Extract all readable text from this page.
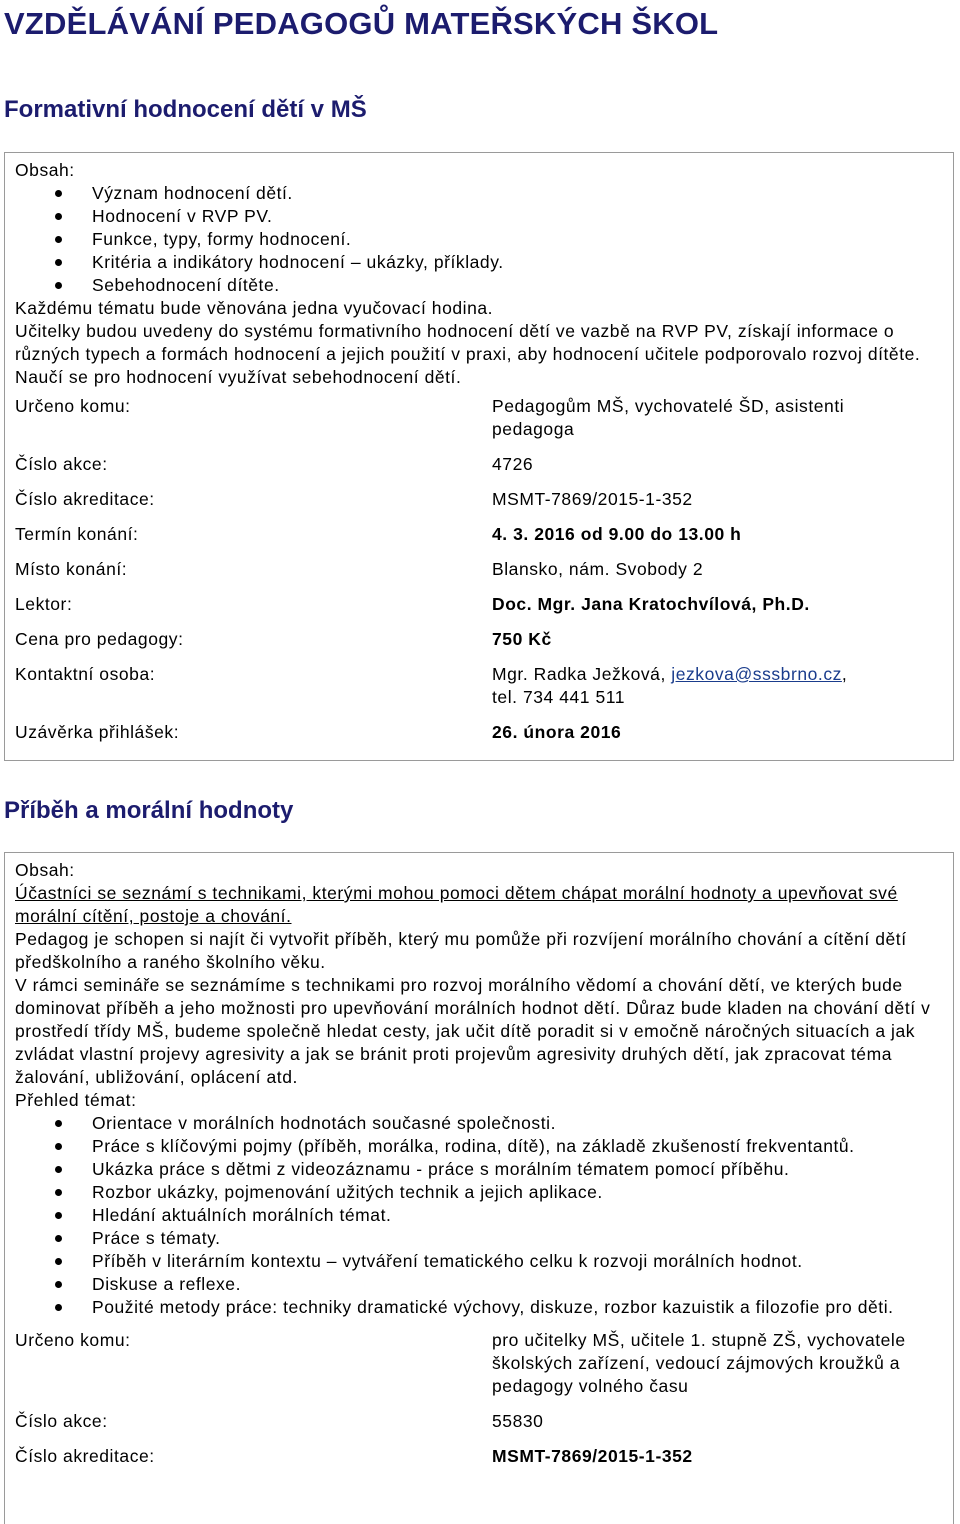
VZDĚLÁVÁNÍ PEDAGOGŮ MATEŘSKÝCH ŠKOL
Formativní hodnocení dětí v MŠ

Obsah:

Význam hodnocení dětí.
Hodnocení v RVP PV.
Funkce, typy, formy hodnocení.
Kritéria a indikátory hodnocení – ukázky, příklady.
Sebehodnocení dítěte.

Každému tématu bude věnována jedna vyučovací hodina.

Učitelky budou uvedeny do systému formativního hodnocení dětí ve vazbě na RVP PV, získají informace o různých typech a formách hodnocení a jejich použití v praxi, aby hodnocení učitele podporovalo rozvoj dítěte. Naučí se pro hodnocení využívat sebehodnocení dětí.

Určeno komu:	Pedagogům MŠ, vychovatelé ŠD, asistenti pedagoga
Číslo akce:	4726
Číslo akreditace:	MSMT-7869/2015-1-352
Termín konání:	4. 3. 2016 od 9.00 do 13.00 h
Místo konání:	Blansko, nám. Svobody 2
Lektor:	Doc. Mgr. Jana Kratochvílová, Ph.D.
Cena pro pedagogy:	750 Kč
Kontaktní osoba:	Mgr. Radka Ježková, jezkova@sssbrno.cz,
tel. 734 441 511
Uzávěrka přihlášek:	26. února 2016
Příběh a morální hodnoty

Obsah:

Účastníci se seznámí s technikami, kterými mohou pomoci dětem chápat morální hodnoty a upevňovat své morální cítění, postoje a chování.

Pedagog je schopen si najít či vytvořit příběh, který mu pomůže při rozvíjení morálního chování a cítění dětí předškolního a raného školního věku.

V rámci semináře se seznámíme s technikami pro rozvoj morálního vědomí a chování dětí, ve kterých bude dominovat příběh a jeho možnosti pro upevňování morálních hodnot dětí. Důraz bude kladen na chování dětí v prostředí třídy MŠ, budeme společně hledat cesty, jak učit dítě poradit si v emočně náročných situacích a jak zvládat vlastní projevy agresivity a jak se bránit proti projevům agresivity druhých dětí, jak zpracovat téma žalování, ubližování, oplácení atd.

Přehled témat:

Orientace v morálních hodnotách současné společnosti.
Práce s klíčovými pojmy (příběh, morálka, rodina, dítě), na základě zkušeností frekventantů.
Ukázka práce s dětmi z videozáznamu - práce s morálním tématem pomocí příběhu.
Rozbor ukázky, pojmenování užitých technik a jejich aplikace.
Hledání aktuálních morálních témat.
Práce s tématy.
Příběh v literárním kontextu – vytváření tematického celku k rozvoji morálních hodnot.
Diskuse a reflexe.
Použité metody práce: techniky dramatické výchovy, diskuze, rozbor kazuistik a filozofie pro děti.
Určeno komu:	pro učitelky MŠ, učitele 1. stupně ZŠ, vychovatele školských zařízení, vedoucí zájmových kroužků a pedagogy volného času
Číslo akce:	55830
Číslo akreditace:	MSMT-7869/2015-1-352
